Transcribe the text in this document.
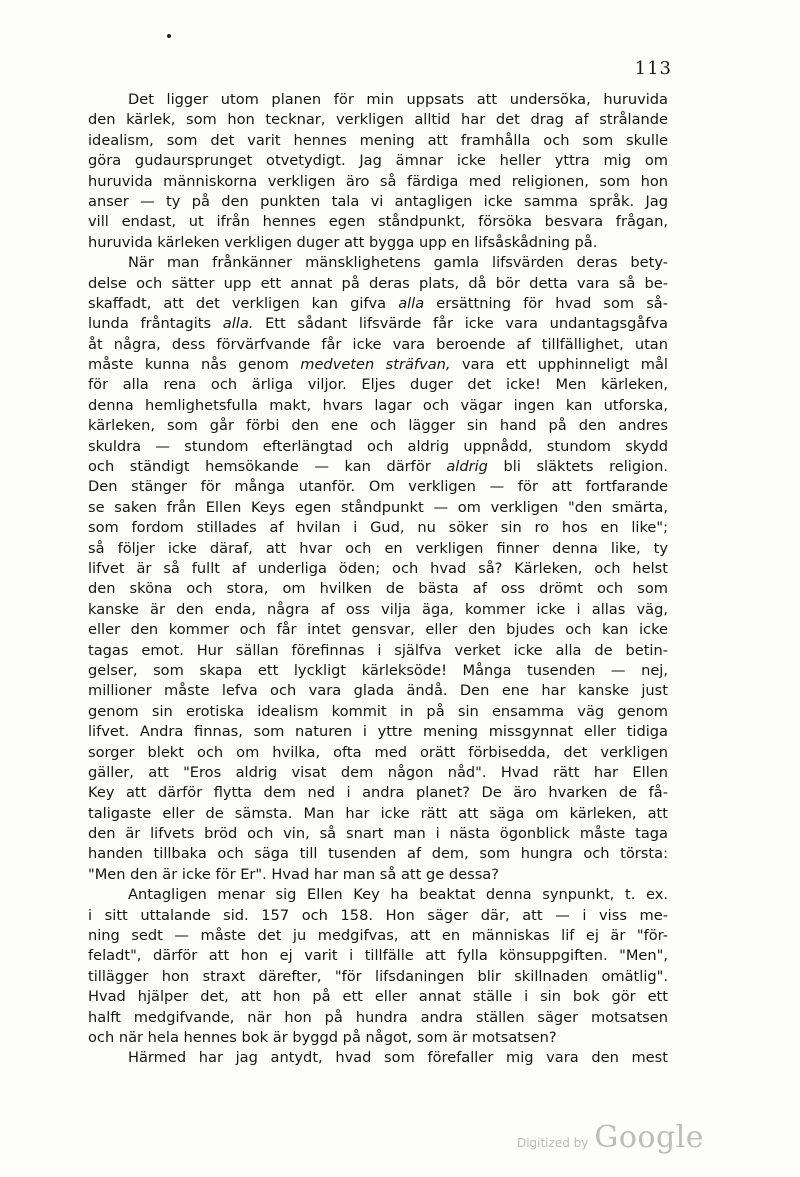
113
Det ligger utom planen för min uppsats att undersöka, huruvida
den kärlek, som hon tecknar, verkligen alltid har det drag af strålande
idealism, som det varit hennes mening att framhålla och som skulle
göra gudaursprunget otvetydigt. Jag ämnar icke heller yttra mig om
huruvida människorna verkligen äro så färdiga med religionen, som hon
anser — ty på den punkten tala vi antagligen icke samma språk. Jag
vill endast, ut ifrån hennes egen ståndpunkt, försöka besvara frågan,
huruvida kärleken verkligen duger att bygga upp en lifsåskådning på.
När man frånkänner mänsklighetens gamla lifsvärden deras bety-
delse och sätter upp ett annat på deras plats, då bör detta vara så be-
skaffadt, att det verkligen kan gifva alla ersättning för hvad som så-
lunda fråntagits alla. Ett sådant lifsvärde får icke vara undantagsgåfva
åt några, dess förvärfvande får icke vara beroende af tillfällighet, utan
måste kunna nås genom medveten sträfvan, vara ett upphinneligt mål
för alla rena och ärliga viljor. Eljes duger det icke! Men kärleken,
denna hemlighetsfulla makt, hvars lagar och vägar ingen kan utforska,
kärleken, som går förbi den ene och lägger sin hand på den andres
skuldra — stundom efterlängtad och aldrig uppnådd, stundom skydd
och ständigt hemsökande — kan därför aldrig bli släktets religion.
Den stänger för många utanför. Om verkligen — för att fortfarande
se saken från Ellen Keys egen ståndpunkt — om verkligen "den smärta,
som fordom stillades af hvilan i Gud, nu söker sin ro hos en like";
så följer icke däraf, att hvar och en verkligen finner denna like, ty
lifvet är så fullt af underliga öden; och hvad så? Kärleken, och helst
den sköna och stora, om hvilken de bästa af oss drömt och som
kanske är den enda, några af oss vilja äga, kommer icke i allas väg,
eller den kommer och får intet gensvar, eller den bjudes och kan icke
tagas emot. Hur sällan förefinnas i själfva verket icke alla de betin-
gelser, som skapa ett lyckligt kärleksöde! Många tusenden — nej,
millioner måste lefva och vara glada ändå. Den ene har kanske just
genom sin erotiska idealism kommit in på sin ensamma väg genom
lifvet. Andra finnas, som naturen i yttre mening missgynnat eller tidiga
sorger blekt och om hvilka, ofta med orätt förbisedda, det verkligen
gäller, att "Eros aldrig visat dem någon nåd". Hvad rätt har Ellen
Key att därför flytta dem ned i andra planet? De äro hvarken de få-
taligaste eller de sämsta. Man har icke rätt att säga om kärleken, att
den är lifvets bröd och vin, så snart man i nästa ögonblick måste taga
handen tillbaka och säga till tusenden af dem, som hungra och törsta:
"Men den är icke för Er". Hvad har man så att ge dessa?
Antagligen menar sig Ellen Key ha beaktat denna synpunkt, t. ex.
i sitt uttalande sid. 157 och 158. Hon säger där, att — i viss me-
ning sedt — måste det ju medgifvas, att en människas lif ej är "för-
feladt", därför att hon ej varit i tillfälle att fylla könsuppgiften. "Men",
tillägger hon straxt därefter, "för lifsdaningen blir skillnaden omätlig".
Hvad hjälper det, att hon på ett eller annat ställe i sin bok gör ett
halft medgifvande, när hon på hundra andra ställen säger motsatsen
och när hela hennes bok är byggd på något, som är motsatsen?
Härmed har jag antydt, hvad som förefaller mig vara den mest
Digitized by Google
